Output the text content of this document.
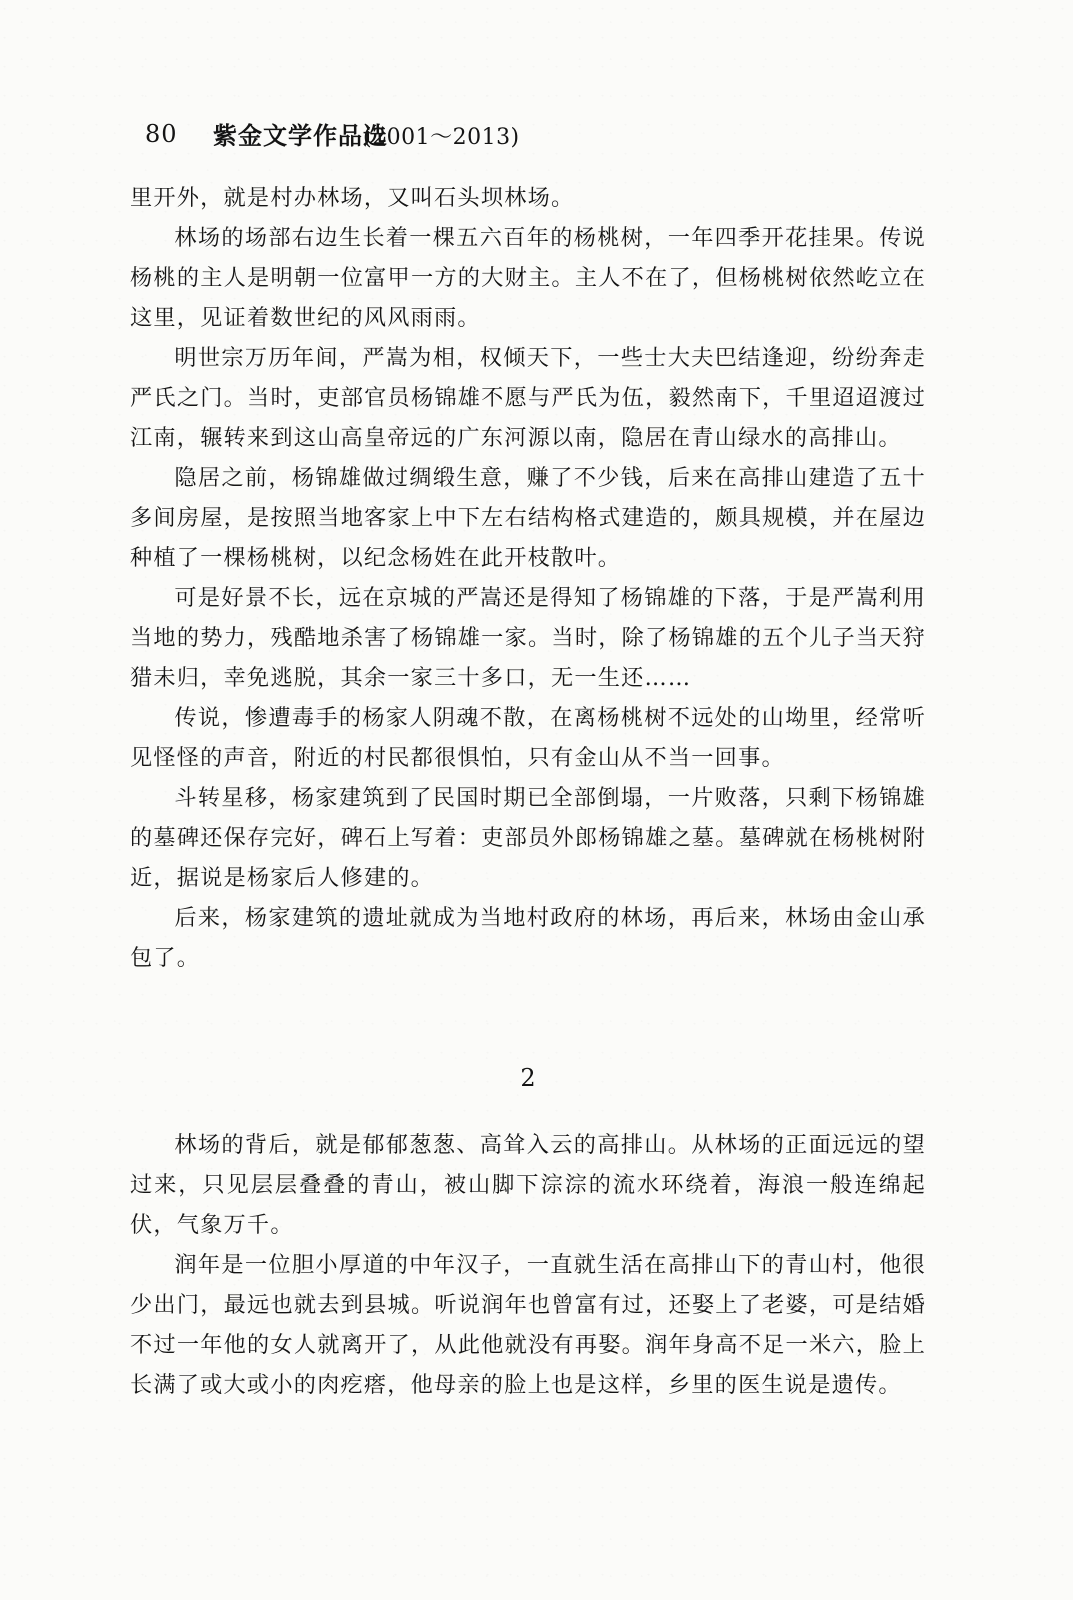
80 紫金文学作品选
(2001～2013)

里开外，就是村办林场，又叫石头坝林场。

林场的场部右边生长着一棵五六百年的杨桃树，一年四季开花挂果。传说杨桃的主人是明朝一位富甲一方的大财主。主人不在了，但杨桃树依然屹立在这里，见证着数世纪的风风雨雨。

明世宗万历年间，严嵩为相，权倾天下，一些士大夫巴结逢迎，纷纷奔走严氏之门。当时，吏部官员杨锦雄不愿与严氏为伍，毅然南下，千里迢迢渡过江南，辗转来到这山高皇帝远的广东河源以南，隐居在青山绿水的高排山。

隐居之前，杨锦雄做过绸缎生意，赚了不少钱，后来在高排山建造了五十多间房屋，是按照当地客家上中下左右结构格式建造的，颇具规模，并在屋边种植了一棵杨桃树，以纪念杨姓在此开枝散叶。

可是好景不长，远在京城的严嵩还是得知了杨锦雄的下落，于是严嵩利用当地的势力，残酷地杀害了杨锦雄一家。当时，除了杨锦雄的五个儿子当天狩猎未归，幸免逃脱，其余一家三十多口，无一生还……

传说，惨遭毒手的杨家人阴魂不散，在离杨桃树不远处的山坳里，经常听见怪怪的声音，附近的村民都很惧怕，只有金山从不当一回事。

斗转星移，杨家建筑到了民国时期已全部倒塌，一片败落，只剩下杨锦雄的墓碑还保存完好，碑石上写着：吏部员外郎杨锦雄之墓。墓碑就在杨桃树附近，据说是杨家后人修建的。

后来，杨家建筑的遗址就成为当地村政府的林场，再后来，林场由金山承包了。

2

林场的背后，就是郁郁葱葱、高耸入云的高排山。从林场的正面远远的望过来，只见层层叠叠的青山，被山脚下淙淙的流水环绕着，海浪一般连绵起伏，气象万千。

润年是一位胆小厚道的中年汉子，一直就生活在高排山下的青山村，他很少出门，最远也就去到县城。听说润年也曾富有过，还娶上了老婆，可是结婚不过一年他的女人就离开了，从此他就没有再娶。润年身高不足一米六，脸上长满了或大或小的肉疙瘩，他母亲的脸上也是这样，乡里的医生说是遗传。
